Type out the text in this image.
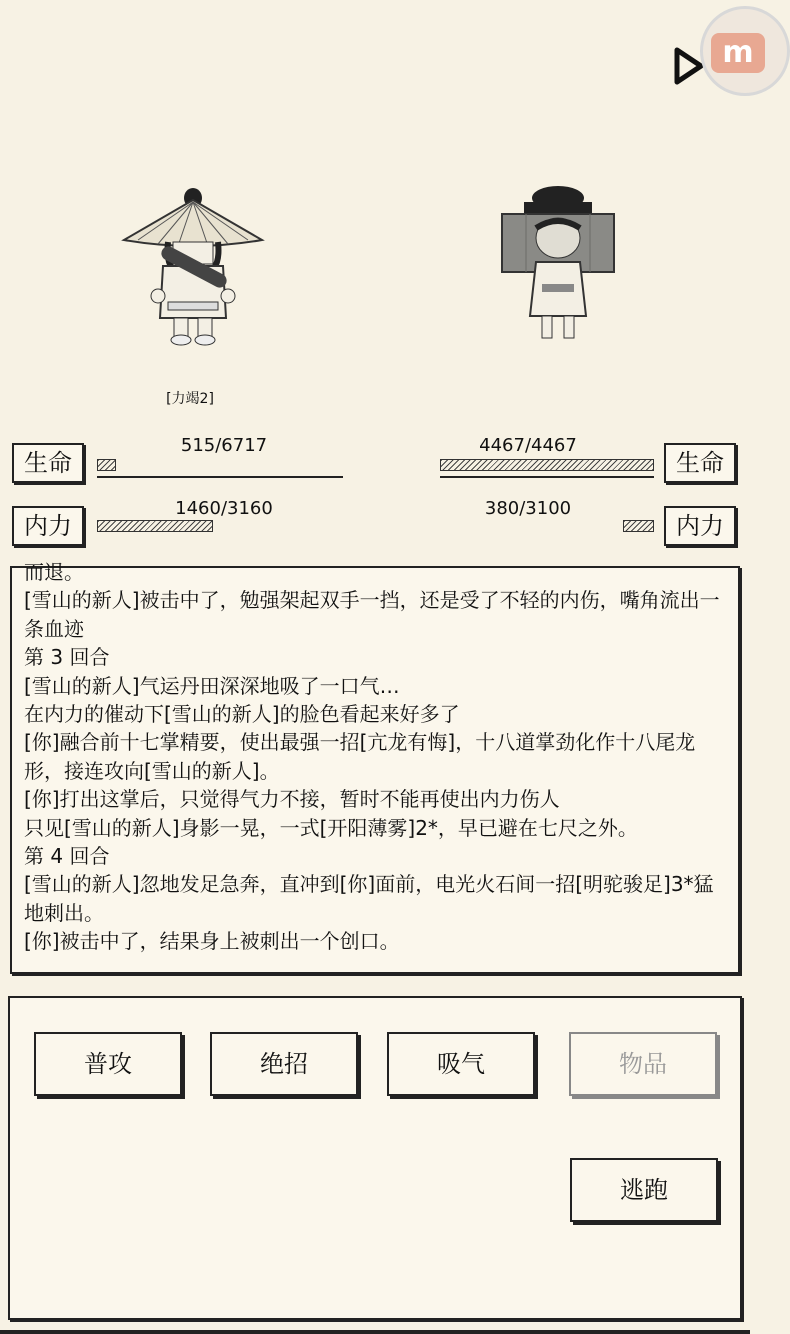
m
[力竭2]
生命
515/6717
内力
1460/3160
生命
4467/4467
内力
380/3100
而退。
[雪山的新人]被击中了，勉强架起双手一挡，还是受了不轻的内伤，嘴角流出一条血迹
第 3 回合
[雪山的新人]气运丹田深深地吸了一口气…
在内力的催动下[雪山的新人]的脸色看起来好多了
[你]融合前十七掌精要，使出最强一招[亢龙有悔]，十八道掌劲化作十八尾龙形，接连攻向[雪山的新人]。
[你]打出这掌后，只觉得气力不接，暂时不能再使出内力伤人
只见[雪山的新人]身影一晃，一式[开阳薄雾]2*，早已避在七尺之外。
第 4 回合
[雪山的新人]忽地发足急奔，直冲到[你]面前，电光火石间一招[明驼骏足]3*猛地刺出。
[你]被击中了，结果身上被刺出一个创口。
普攻	绝招	吸气	物品
逃跑
